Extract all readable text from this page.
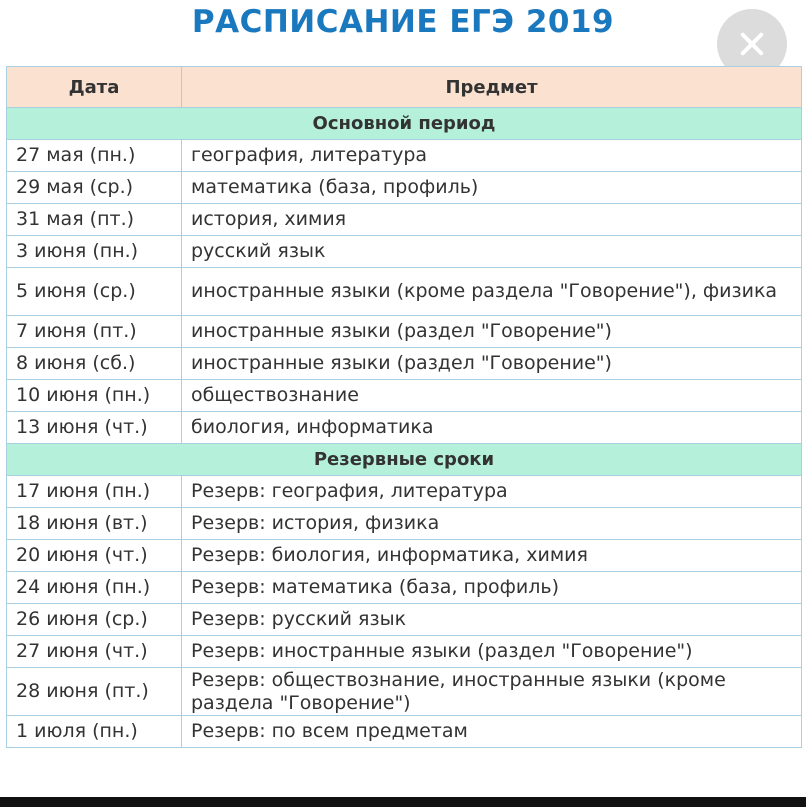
РАСПИСАНИЕ ЕГЭ 2019
Дата	Предмет
Основной период	
27 мая (пн.)	география, литература
29 мая (ср.)	математика (база, профиль)
31 мая (пт.)	история, химия
3 июня (пн.)	русский язык
5 июня (ср.)	иностранные языки (кроме раздела "Говорение"), физика
7 июня (пт.)	иностранные языки (раздел "Говорение")
8 июня (сб.)	иностранные языки (раздел "Говорение")
10 июня (пн.)	обществознание
13 июня (чт.)	биология, информатика
Резервные сроки	
17 июня (пн.)	Резерв: география, литература
18 июня (вт.)	Резерв: история, физика
20 июня (чт.)	Резерв: биология, информатика, химия
24 июня (пн.)	Резерв: математика (база, профиль)
26 июня (ср.)	Резерв: русский язык
27 июня (чт.)	Резерв: иностранные языки (раздел "Говорение")
28 июня (пт.)	Резерв: обществознание, иностранные языки (кроме раздела "Говорение")
1 июля (пн.)	Резерв: по всем предметам
